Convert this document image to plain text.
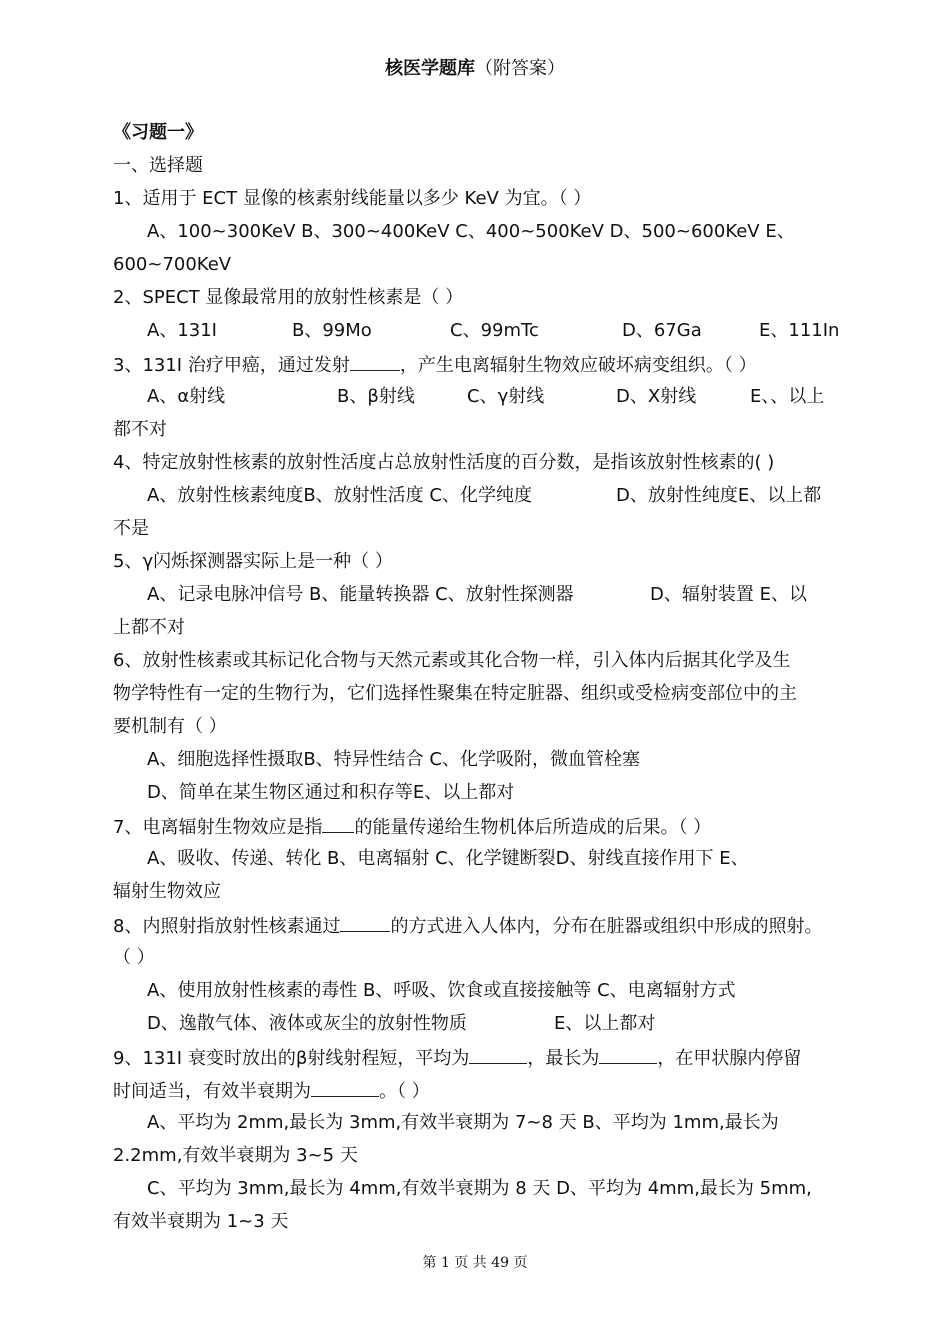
核医学题库（附答案）
《习题一》
一、选择题
1、适用于 ECT 显像的核素射线能量以多少 KeV 为宜。（ ）
A、100~300KeV B、300~400KeV C、400~500KeV D、500~600KeV E、
600~700KeV
2、SPECT 显像最常用的放射性核素是（ ）
A、131I	B、99Mo	C、99mTc	D、67Ga	E、111In
3、131I 治疗甲癌，通过发射	，产生电离辐射生物效应破坏病变组织。（ ）
A、α射线	B、β射线	C、γ射线	D、X射线	E、、以上
都不对
4、特定放射性核素的放射性活度占总放射性活度的百分数，是指该放射性核素的( )
A、放射性核素纯度B、放射性活度 C、化学纯度	D、放射性纯度E、以上都
不是
5、γ闪烁探测器实际上是一种（ ）
A、记录电脉冲信号 B、能量转换器 C、放射性探测器	D、辐射装置 E、以
上都不对
6、放射性核素或其标记化合物与天然元素或其化合物一样，引入体内后据其化学及生
物学特性有一定的生物行为，它们选择性聚集在特定脏器、组织或受检病变部位中的主
要机制有（ ）
A、细胞选择性摄取B、特异性结合 C、化学吸附，微血管栓塞
D、简单在某生物区通过和积存等E、以上都对
7、电离辐射生物效应是指 的能量传递给生物机体后所造成的后果。（ ）
A、吸收、传递、转化 B、电离辐射 C、化学键断裂D、射线直接作用下 E、
辐射生物效应
8、内照射指放射性核素通过	的方式进入人体内，分布在脏器或组织中形成的照射。
（ ）
A、使用放射性核素的毒性 B、呼吸、饮食或直接接触等 C、电离辐射方式
D、逸散气体、液体或灰尘的放射性物质	E、以上都对
9、131I 衰变时放出的β射线射程短，平均为	，最长为	，在甲状腺内停留
时间适当，有效半衰期为	。（ ）
A、平均为 2mm,最长为 3mm,有效半衰期为 7~8 天 B、平均为 1mm,最长为
2.2mm,有效半衰期为 3~5 天
C、平均为 3mm,最长为 4mm,有效半衰期为 8 天 D、平均为 4mm,最长为 5mm,
有效半衰期为 1~3 天
第 1 页 共 49 页
